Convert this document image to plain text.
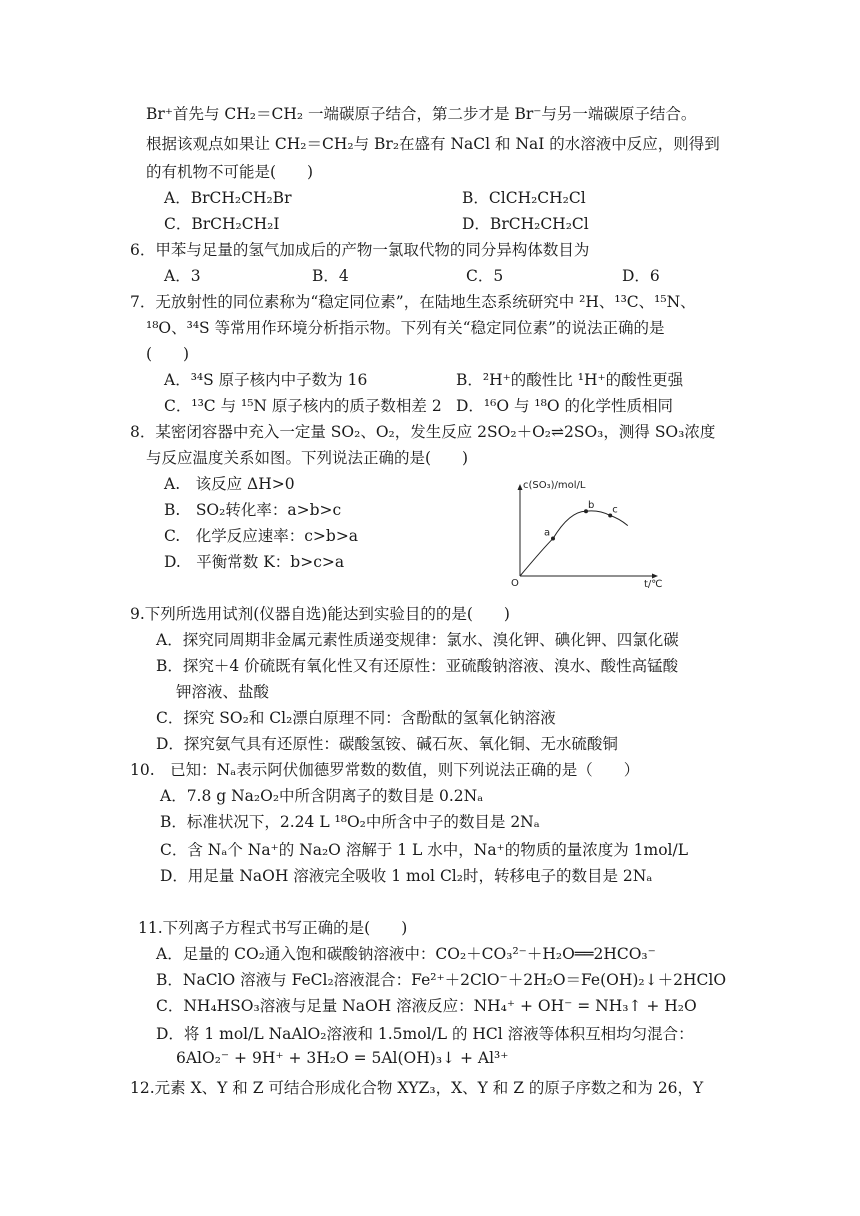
Br⁺首先与 CH₂＝CH₂ 一端碳原子结合，第二步才是 Br⁻与另一端碳原子结合。
根据该观点如果让 CH₂＝CH₂与 Br₂在盛有 NaCl 和 NaI 的水溶液中反应，则得到
的有机物不可能是(　　)
A．BrCH₂CH₂Br	B．ClCH₂CH₂Cl
C．BrCH₂CH₂I	D．BrCH₂CH₂Cl
6．甲苯与足量的氢气加成后的产物一氯取代物的同分异构体数目为
A．3	B．4	C．5	D．6
7．无放射性的同位素称为“稳定同位素”，在陆地生态系统研究中 ²H、¹³C、¹⁵N、
¹⁸O、³⁴S 等常用作环境分析指示物。下列有关“稳定同位素”的说法正确的是
(　　)
A．³⁴S 原子核内中子数为 16	B．²H⁺的酸性比 ¹H⁺的酸性更强
C．¹³C 与 ¹⁵N 原子核内的质子数相差 2 D．¹⁶O 与 ¹⁸O 的化学性质相同
8．某密闭容器中充入一定量 SO₂、O₂，发生反应 2SO₂＋O₂⇌2SO₃，测得 SO₃浓度
与反应温度关系如图。下列说法正确的是(　　)
A.　该反应 ΔH>0
B.　SO₂转化率：a>b>c
C.　化学反应速率：c>b>a
D.　平衡常数 K：b>c>a
c(SO₃)/mol/L
t/℃
O
a
b c
9.下列所选用试剂(仪器自选)能达到实验目的的是(　　)
A．探究同周期非金属元素性质递变规律：氯水、溴化钾、碘化钾、四氯化碳
B．探究＋4 价硫既有氧化性又有还原性：亚硫酸钠溶液、溴水、酸性高锰酸
钾溶液、盐酸
C．探究 SO₂和 Cl₂漂白原理不同：含酚酞的氢氧化钠溶液
D．探究氨气具有还原性：碳酸氢铵、碱石灰、氧化铜、无水硫酸铜
10.　已知：Nₐ表示阿伏伽德罗常数的数值，则下列说法正确的是（　　）
A．7.8 g Na₂O₂中所含阴离子的数目是 0.2Nₐ
B．标准状况下，2.24 L ¹⁸O₂中所含中子的数目是 2Nₐ
C．含 Nₐ个 Na⁺的 Na₂O 溶解于 1 L 水中，Na⁺的物质的量浓度为 1mol/L
D．用足量 NaOH 溶液完全吸收 1 mol Cl₂时，转移电子的数目是 2Nₐ
11.下列离子方程式书写正确的是(　　)
A．足量的 CO₂通入饱和碳酸钠溶液中：CO₂＋CO₃²⁻＋H₂O══2HCO₃⁻
B．NaClO 溶液与 FeCl₂溶液混合：Fe²⁺＋2ClO⁻＋2H₂O＝Fe(OH)₂↓＋2HClO
C．NH₄HSO₃溶液与足量 NaOH 溶液反应：NH₄⁺ + OH⁻ = NH₃↑ + H₂O
D．将 1 mol/L NaAlO₂溶液和 1.5mol/L 的 HCl 溶液等体积互相均匀混合：
6AlO₂⁻ + 9H⁺ + 3H₂O = 5Al(OH)₃↓ + Al³⁺
12.元素 X、Y 和 Z 可结合形成化合物 XYZ₃，X、Y 和 Z 的原子序数之和为 26，Y
